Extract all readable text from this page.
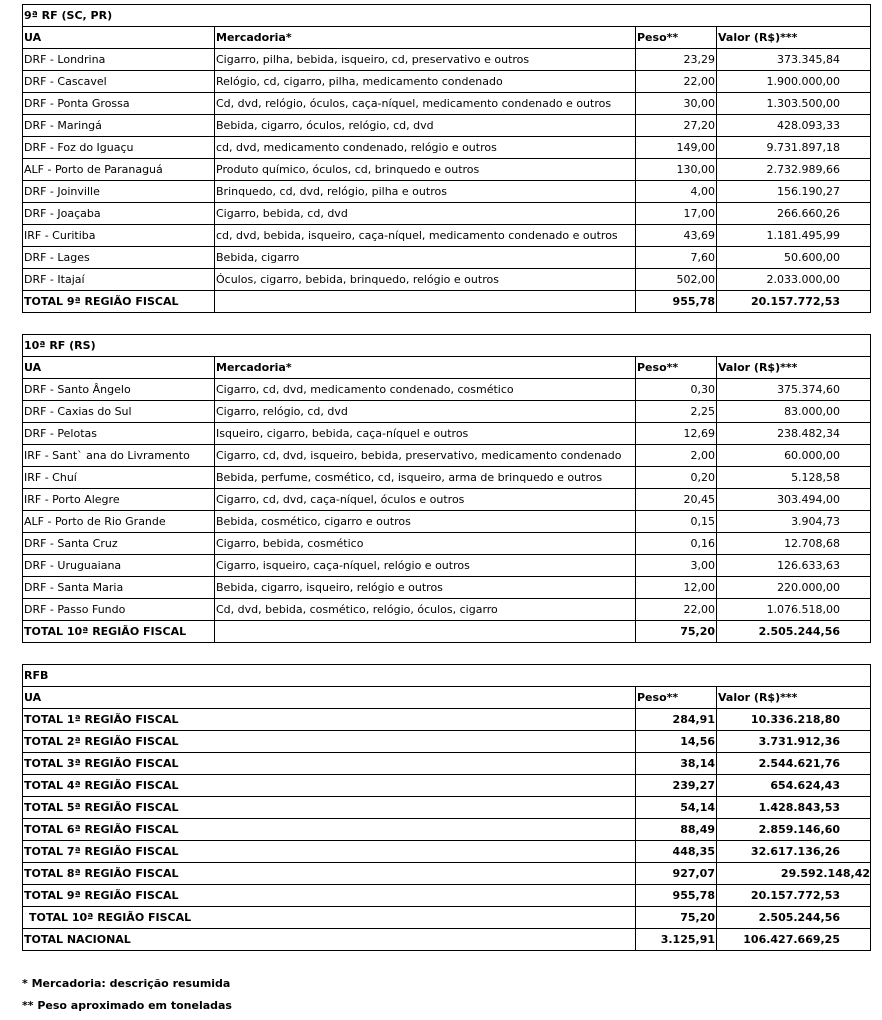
9ª RF (SC, PR)			
UA	Mercadoria*	Peso**	Valor (R$)***
DRF - Londrina	Cigarro, pilha, bebida, isqueiro, cd, preservativo e outros	23,29	373.345,84
DRF - Cascavel	Relógio, cd, cigarro, pilha, medicamento condenado	22,00	1.900.000,00
DRF - Ponta Grossa	Cd, dvd, relógio, óculos, caça-níquel, medicamento condenado e outros	30,00	1.303.500,00
DRF - Maringá	Bebida, cigarro, óculos, relógio, cd, dvd	27,20	428.093,33
DRF - Foz do Iguaçu	cd, dvd, medicamento condenado, relógio e outros	149,00	9.731.897,18
ALF - Porto de Paranaguá	Produto químico, óculos, cd, brinquedo e outros	130,00	2.732.989,66
DRF - Joinville	Brinquedo, cd, dvd, relógio, pilha e outros	4,00	156.190,27
DRF - Joaçaba	Cigarro, bebida, cd, dvd	17,00	266.660,26
IRF - Curitiba	cd, dvd, bebida, isqueiro, caça-níquel, medicamento condenado e outros	43,69	1.181.495,99
DRF - Lages	Bebida, cigarro	7,60	50.600,00
DRF - Itajaí	Óculos, cigarro, bebida, brinquedo, relógio e outros	502,00	2.033.000,00
TOTAL 9ª REGIÃO FISCAL		955,78	20.157.772,53
10ª RF (RS)			
UA	Mercadoria*	Peso**	Valor (R$)***
DRF - Santo Ângelo	Cigarro, cd, dvd, medicamento condenado, cosmético	0,30	375.374,60
DRF - Caxias do Sul	Cigarro, relógio, cd, dvd	2,25	83.000,00
DRF - Pelotas	Isqueiro, cigarro, bebida, caça-níquel e outros	12,69	238.482,34
IRF - Sant` ana do Livramento	Cigarro, cd, dvd, isqueiro, bebida, preservativo, medicamento condenado	2,00	60.000,00
IRF - Chuí	Bebida, perfume, cosmético, cd, isqueiro, arma de brinquedo e outros	0,20	5.128,58
IRF - Porto Alegre	Cigarro, cd, dvd, caça-níquel, óculos e outros	20,45	303.494,00
ALF - Porto de Rio Grande	Bebida, cosmético, cigarro e outros	0,15	3.904,73
DRF - Santa Cruz	Cigarro, bebida, cosmético	0,16	12.708,68
DRF - Uruguaiana	Cigarro, isqueiro, caça-níquel, relógio e outros	3,00	126.633,63
DRF - Santa Maria	Bebida, cigarro, isqueiro, relógio e outros	12,00	220.000,00
DRF - Passo Fundo	Cd, dvd, bebida, cosmético, relógio, óculos, cigarro	22,00	1.076.518,00
TOTAL 10ª REGIÃO FISCAL		75,20	2.505.244,56
RFB		
UA	Peso**	Valor (R$)***
TOTAL 1ª REGIÃO FISCAL	284,91	10.336.218,80
TOTAL 2ª REGIÃO FISCAL	14,56	3.731.912,36
TOTAL 3ª REGIÃO FISCAL	38,14	2.544.621,76
TOTAL 4ª REGIÃO FISCAL	239,27	654.624,43
TOTAL 5ª REGIÃO FISCAL	54,14	1.428.843,53
TOTAL 6ª REGIÃO FISCAL	88,49	2.859.146,60
TOTAL 7ª REGIÃO FISCAL	448,35	32.617.136,26
TOTAL 8ª REGIÃO FISCAL	927,07	29.592.148,42
TOTAL 9ª REGIÃO FISCAL	955,78	20.157.772,53
TOTAL 10ª REGIÃO FISCAL	75,20	2.505.244,56
TOTAL NACIONAL	3.125,91	106.427.669,25
* Mercadoria: descrição resumida
** Peso aproximado em toneladas
